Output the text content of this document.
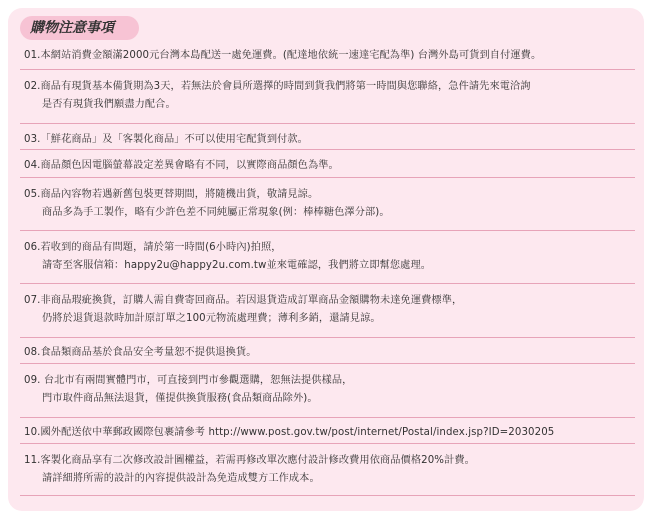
購物注意事項
01.本網站消費金額滿2000元台灣本島配送一處免運費。(配達地依統一速達宅配為準) 台灣外島可貨到自付運費。
02.商品有現貨基本備貨期為3天，若無法於會員所選擇的時間到貨我們將第一時間與您聯絡，急件請先來電洽詢
是否有現貨我們願盡力配合。
03.「鮮花商品」及「客製化商品」不可以使用宅配貨到付款。
04.商品顏色因電腦螢幕設定差異會略有不同，以實際商品顏色為準。
05.商品內容物若遇新舊包裝更替期間，將隨機出貨，敬請見諒。
商品多為手工製作，略有少許色差不同純屬正常現象(例：棒棒糖色澤分部)。
06.若收到的商品有問題，請於第一時間(6小時內)拍照，
請寄至客服信箱：happy2u@happy2u.com.tw並來電確認，我們將立即幫您處理。
07.非商品瑕疵換貨，訂購人需自費寄回商品。若因退貨造成訂單商品金額購物未達免運費標準，
仍將於退貨退款時加計原訂單之100元物流處理費；薄利多銷，還請見諒。
08.食品類商品基於食品安全考量恕不提供退換貨。
09. 台北市有兩間實體門市，可直接到門市參觀選購，恕無法提供樣品，
門市取件商品無法退貨，僅提供換貨服務(食品類商品除外)。
10.國外配送依中華郵政國際包裹請參考 http://www.post.gov.tw/post/internet/Postal/index.jsp?ID=2030205
11.客製化商品享有二次修改設計圖權益，若需再修改單次應付設計修改費用依商品價格20%計費。
請詳細將所需的設計的內容提供設計為免造成雙方工作成本。
